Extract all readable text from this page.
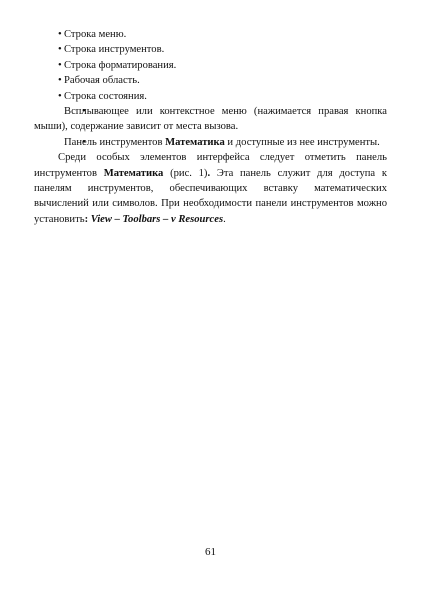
•Строка меню.

•Строка инструментов.

•Строка форматирования.

•Рабочая область.

•Строка состояния.

•Всплывающее или контекстное меню (нажимается правая кнопка мыши), содержание зависит от места вызова.

•Панель инструментов Математика и доступные из нее инструменты.

Среди особых элементов интерфейса следует отметить панель инструментов Математика (рис. 1). Эта панель служит для доступа к панелям инструментов, обеспечивающих вставку математических вычислений или символов. При необходимости панели инструментов можно установить: View – Toolbars – v Resources.

61
